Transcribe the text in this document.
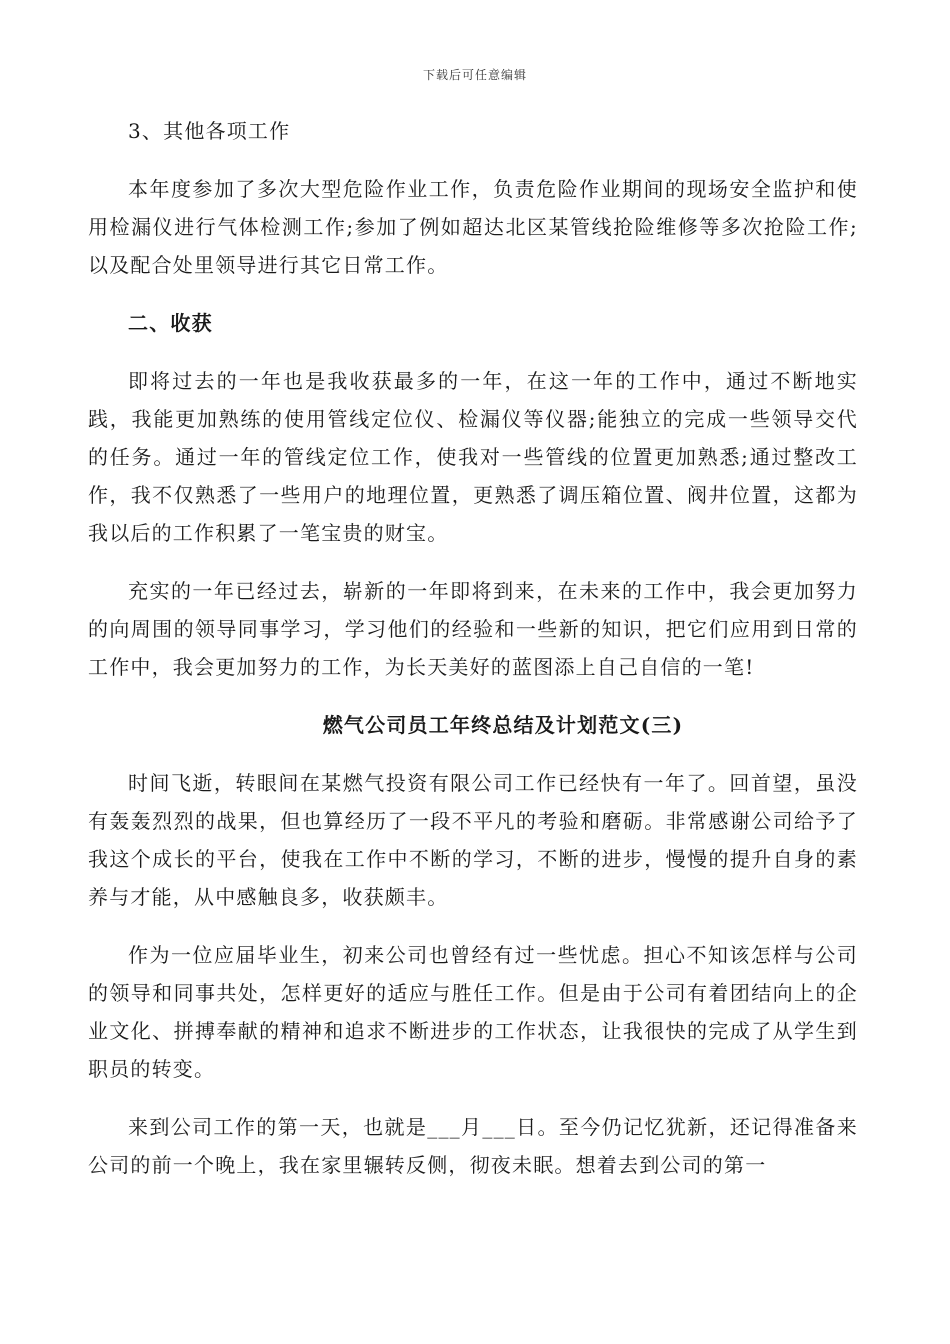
下载后可任意编辑

3、其他各项工作

本年度参加了多次大型危险作业工作，负责危险作业期间的现场安全监护和使用检漏仪进行气体检测工作;参加了例如超达北区某管线抢险维修等多次抢险工作;以及配合处里领导进行其它日常工作。

二、收获

即将过去的一年也是我收获最多的一年，在这一年的工作中，通过不断地实践，我能更加熟练的使用管线定位仪、检漏仪等仪器;能独立的完成一些领导交代的任务。通过一年的管线定位工作，使我对一些管线的位置更加熟悉;通过整改工作，我不仅熟悉了一些用户的地理位置，更熟悉了调压箱位置、阀井位置，这都为我以后的工作积累了一笔宝贵的财宝。

充实的一年已经过去，崭新的一年即将到来，在未来的工作中，我会更加努力的向周围的领导同事学习，学习他们的经验和一些新的知识，把它们应用到日常的工作中，我会更加努力的工作，为长天美好的蓝图添上自己自信的一笔!

燃气公司员工年终总结及计划范文(三)

时间飞逝，转眼间在某燃气投资有限公司工作已经快有一年了。回首望，虽没有轰轰烈烈的战果，但也算经历了一段不平凡的考验和磨砺。非常感谢公司给予了我这个成长的平台，使我在工作中不断的学习，不断的进步，慢慢的提升自身的素养与才能，从中感触良多，收获颇丰。

作为一位应届毕业生，初来公司也曾经有过一些忧虑。担心不知该怎样与公司的领导和同事共处，怎样更好的适应与胜任工作。但是由于公司有着团结向上的企业文化、拼搏奉献的精神和追求不断进步的工作状态，让我很快的完成了从学生到职员的转变。

来到公司工作的第一天，也就是___月___日。至今仍记忆犹新，还记得准备来公司的前一个晚上，我在家里辗转反侧，彻夜未眠。想着去到公司的第一
